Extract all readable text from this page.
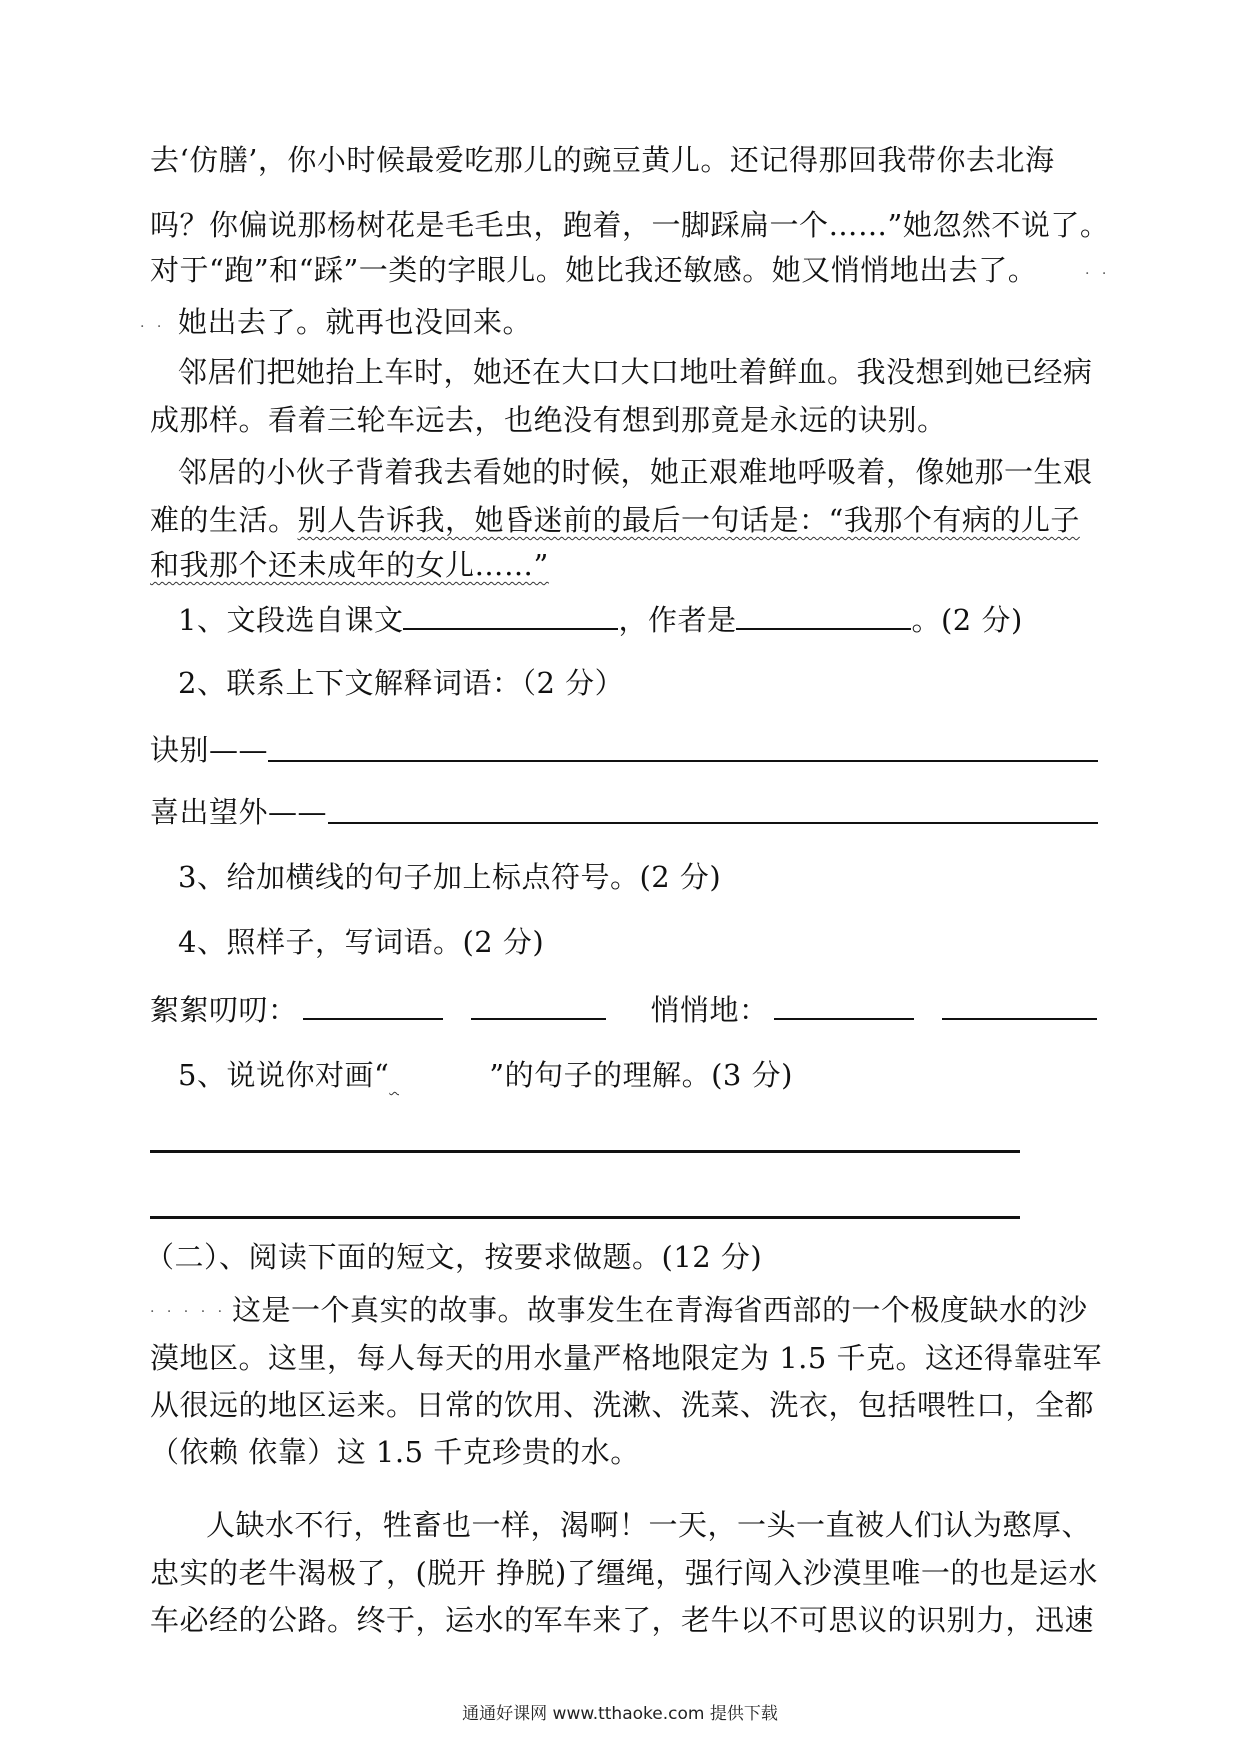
去‘仿膳’，你小时候最爱吃那儿的豌豆黄儿。还记得那回我带你去北海
吗？你偏说那杨树花是毛毛虫，跑着，一脚踩扁一个……”她忽然不说了。
对于“跑”和“踩”一类的字眼儿。她比我还敏感。她又悄悄地出去了。	. .
. . 她出去了。就再也没回来。
邻居们把她抬上车时，她还在大口大口地吐着鲜血。我没想到她已经病
成那样。看着三轮车远去，也绝没有想到那竟是永远的诀别。
邻居的小伙子背着我去看她的时候，她正艰难地呼吸着，像她那一生艰
难的生活。别人告诉我，她昏迷前的最后一句话是：“我那个有病的儿子
和我那个还未成年的女儿……”
1、文段选自课文	，作者是	。(2 分)
2、联系上下文解释词语：（2 分）
诀别——
喜出望外——
3、给加横线的句子加上标点符号。(2 分)
4、照样子，写词语。(2 分)
絮絮叨叨：	悄悄地：
5、说说你对画“	”的句子的理解。(3 分)
（二）、阅读下面的短文，按要求做题。(12 分)
. . . . . .
这是一个真实的故事。故事发生在青海省西部的一个极度缺水的沙
漠地区。这里，每人每天的用水量严格地限定为 1.5 千克。这还得靠驻军
从很远的地区运来。日常的饮用、洗漱、洗菜、洗衣，包括喂牲口，全都
（依赖 依靠）这 1.5 千克珍贵的水。
人缺水不行，牲畜也一样，渴啊！一天，一头一直被人们认为憨厚、
忠实的老牛渴极了，(脱开 挣脱)了缰绳，强行闯入沙漠里唯一的也是运水
车必经的公路。终于，运水的军车来了，老牛以不可思议的识别力，迅速
通通好课网 www.tthaoke.com 提供下载
